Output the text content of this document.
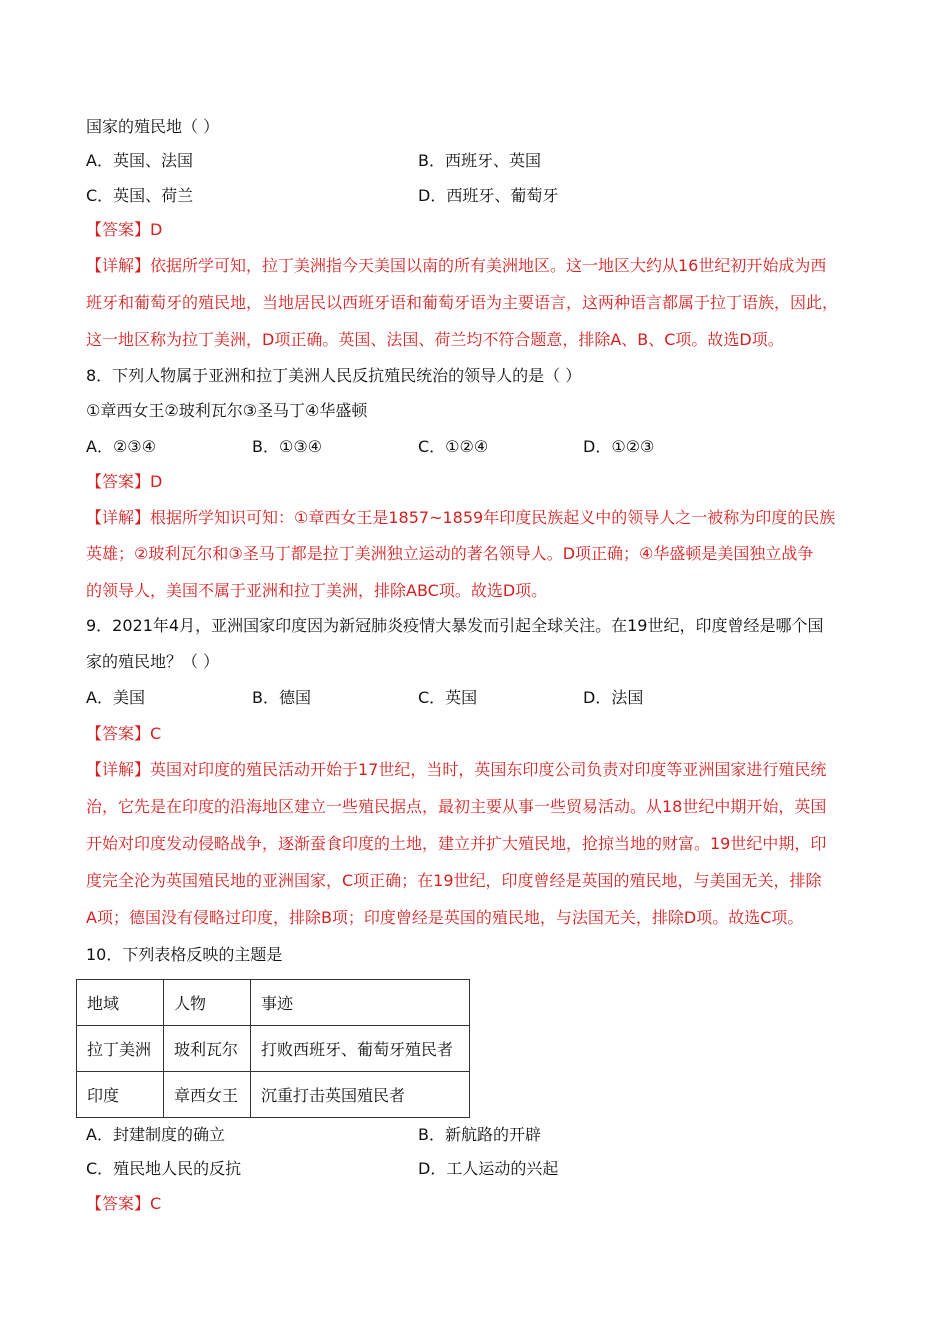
国家的殖民地（ ）
A．英国、法国	B．西班牙、英国
C．英国、荷兰	D．西班牙、葡萄牙
【答案】D
【详解】依据所学可知，拉丁美洲指今天美国以南的所有美洲地区。这一地区大约从16世纪初开始成为西
班牙和葡萄牙的殖民地，当地居民以西班牙语和葡萄牙语为主要语言，这两种语言都属于拉丁语族，因此，
这一地区称为拉丁美洲，D项正确。英国、法国、荷兰均不符合题意，排除A、B、C项。故选D项。
8．下列人物属于亚洲和拉丁美洲人民反抗殖民统治的领导人的是（ ）
①章西女王②玻利瓦尔③圣马丁④华盛顿
A．②③④	B．①③④	C．①②④	D．①②③
【答案】D
【详解】根据所学知识可知：①章西女王是1857~1859年印度民族起义中的领导人之一被称为印度的民族
英雄；②玻利瓦尔和③圣马丁都是拉丁美洲独立运动的著名领导人。D项正确；④华盛顿是美国独立战争
的领导人，美国不属于亚洲和拉丁美洲，排除ABC项。故选D项。
9．2021年4月，亚洲国家印度因为新冠肺炎疫情大暴发而引起全球关注。在19世纪，印度曾经是哪个国
家的殖民地？（ ）
A．美国	B．德国	C．英国	D．法国
【答案】C
【详解】英国对印度的殖民活动开始于17世纪，当时，英国东印度公司负责对印度等亚洲国家进行殖民统
治，它先是在印度的沿海地区建立一些殖民据点，最初主要从事一些贸易活动。从18世纪中期开始，英国
开始对印度发动侵略战争，逐渐蚕食印度的土地，建立并扩大殖民地，抢掠当地的财富。19世纪中期，印
度完全沦为英国殖民地的亚洲国家，C项正确；在19世纪，印度曾经是英国的殖民地，与美国无关，排除
A项；德国没有侵略过印度，排除B项；印度曾经是英国的殖民地，与法国无关，排除D项。故选C项。
10．下列表格反映的主题是
地域	人物	事迹
拉丁美洲	玻利瓦尔	打败西班牙、葡萄牙殖民者
印度	章西女王	沉重打击英国殖民者
A．封建制度的确立	B．新航路的开辟
C．殖民地人民的反抗	D．工人运动的兴起
【答案】C
